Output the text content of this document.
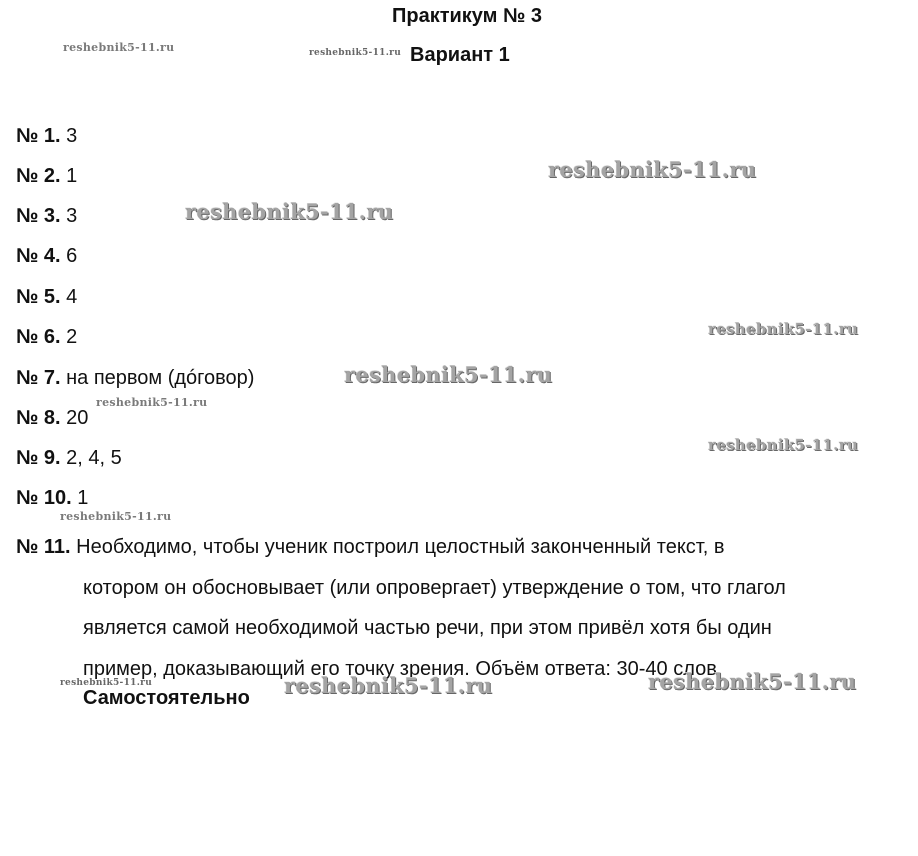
Практикум № 3
Вариант 1
№ 1. 3
№ 2. 1
№ 3. 3
№ 4. 6
№ 5. 4
№ 6. 2
№ 7. на первом (дóговор)
№ 8. 20
№ 9. 2, 4, 5
№ 10. 1
№ 11. Необходимо, чтобы ученик построил целостный законченный текст, в
котором он обосновывает (или опровергает) утверждение о том, что глагол
является самой необходимой частью речи, при этом привёл хотя бы один
пример, доказывающий его точку зрения. Объём ответа: 30-40 слов.
Самостоятельно
reshebnik5-11.ru	reshebnik5-11.ru
reshebnik5-11.ru
reshebnik5-11.ru
reshebnik5-11.ru
reshebnik5-11.ru
reshebnik5-11.ru
reshebnik5-11.ru
reshebnik5-11.ru
reshebnik5-11.ru	reshebnik5-11.ru	reshebnik5-11.ru
